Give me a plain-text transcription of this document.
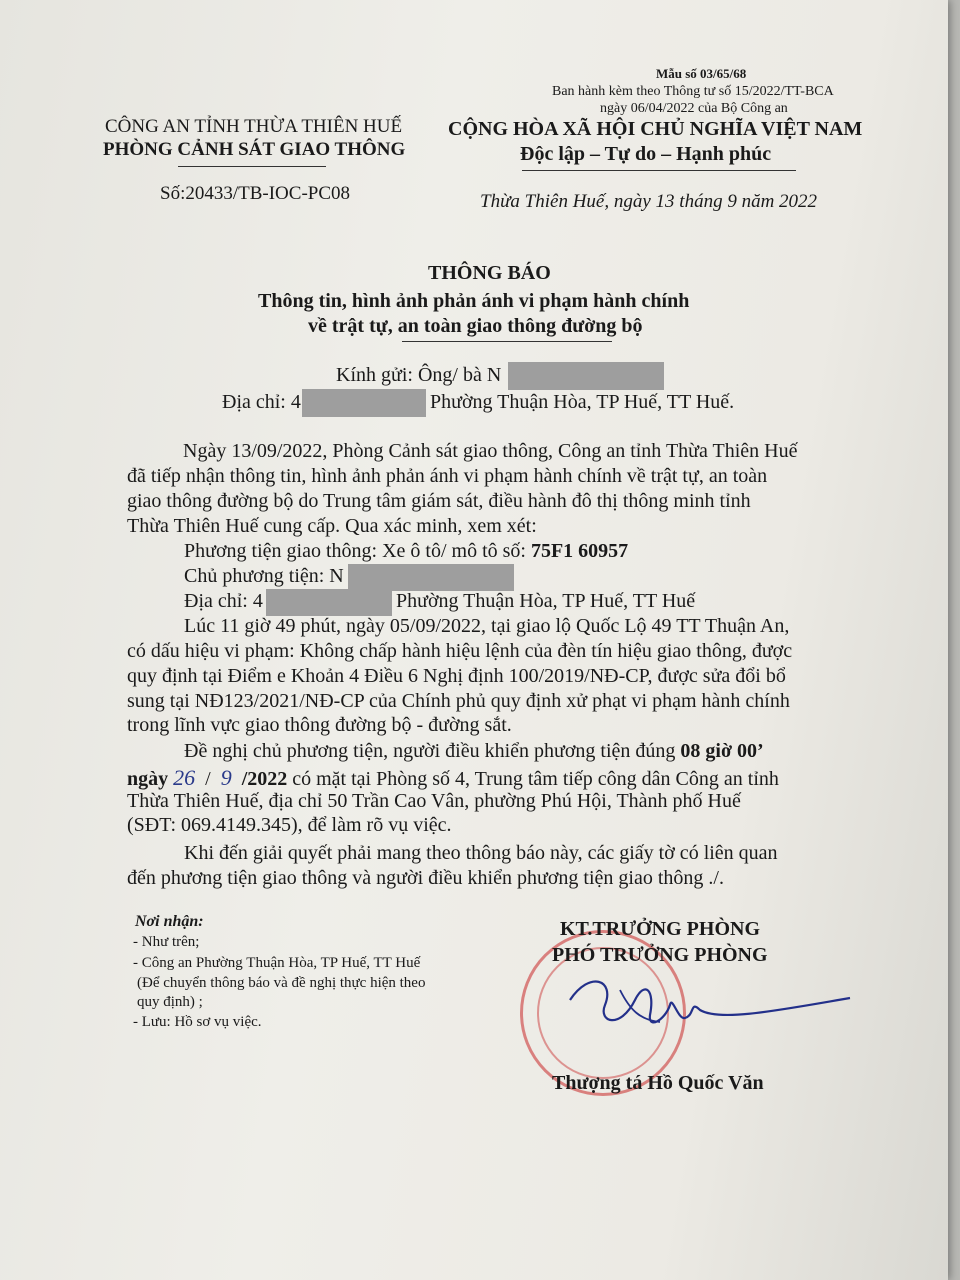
Mẫu số 03/65/68
Ban hành kèm theo Thông tư số 15/2022/TT-BCA
ngày 06/04/2022 của Bộ Công an
CÔNG AN TỈNH THỪA THIÊN HUẾ
PHÒNG CẢNH SÁT GIAO THÔNG
Số:20433/TB-IOC-PC08
CỘNG HÒA XÃ HỘI CHỦ NGHĨA VIỆT NAM
Độc lập – Tự do – Hạnh phúc
Thừa Thiên Huế, ngày 13 tháng 9 năm 2022
THÔNG BÁO
Thông tin, hình ảnh phản ánh vi phạm hành chính
về trật tự, an toàn giao thông đường bộ
Kính gửi: Ông/ bà N
Địa chỉ: 4	Phường Thuận Hòa, TP Huế, TT Huế.
Ngày 13/09/2022, Phòng Cảnh sát giao thông, Công an tỉnh Thừa Thiên Huế
đã tiếp nhận thông tin, hình ảnh phản ánh vi phạm hành chính về trật tự, an toàn
giao thông đường bộ do Trung tâm giám sát, điều hành đô thị thông minh tỉnh
Thừa Thiên Huế cung cấp. Qua xác minh, xem xét:
Phương tiện giao thông: Xe ô tô/ mô tô số: 75F1 60957
Chủ phương tiện: N
Địa chỉ: 4	Phường Thuận Hòa, TP Huế, TT Huế
Lúc 11 giờ 49 phút, ngày 05/09/2022, tại giao lộ Quốc Lộ 49 TT Thuận An,
có dấu hiệu vi phạm: Không chấp hành hiệu lệnh của đèn tín hiệu giao thông, được
quy định tại Điểm e Khoản 4 Điều 6 Nghị định 100/2019/NĐ-CP, được sửa đổi bổ
sung tại NĐ123/2021/NĐ-CP của Chính phủ quy định xử phạt vi phạm hành chính
trong lĩnh vực giao thông đường bộ - đường sắt.
Đề nghị chủ phương tiện, người điều khiển phương tiện đúng 08 giờ 00’
ngày 26 / 9 /2022 có mặt tại Phòng số 4, Trung tâm tiếp công dân Công an tỉnh
Thừa Thiên Huế, địa chỉ 50 Trần Cao Vân, phường Phú Hội, Thành phố Huế
(SĐT: 069.4149.345), để làm rõ vụ việc.
Khi đến giải quyết phải mang theo thông báo này, các giấy tờ có liên quan
đến phương tiện giao thông và người điều khiển phương tiện giao thông ./.
Nơi nhận:
- Như trên;
- Công an Phường Thuận Hòa, TP Huế, TT Huế
(Để chuyển thông báo và đề nghị thực hiện theo
quy định) ;
- Lưu: Hồ sơ vụ việc.
KT.TRƯỞNG PHÒNG
PHÓ TRƯỞNG PHÒNG
Thượng tá Hồ Quốc Văn
